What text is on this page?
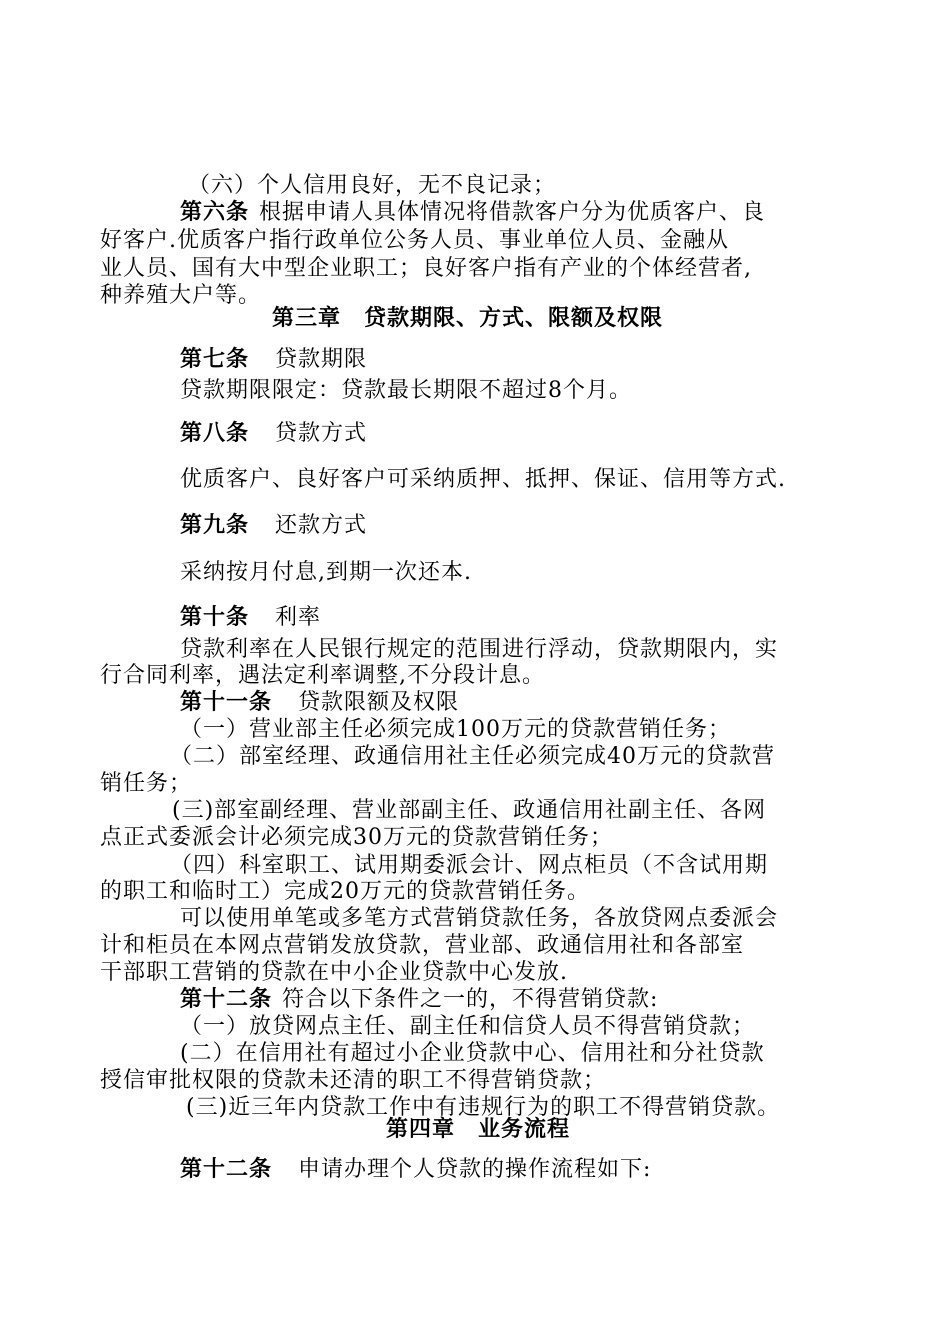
（六）个人信用良好，无不良记录；
第六条 根据申请人具体情况将借款客户分为优质客户、良
好客户.优质客户指行政单位公务人员、事业单位人员、金融从
业人员、国有大中型企业职工；良好客户指有产业的个体经营者,
种养殖大户等。
第三章　贷款期限、方式、限额及权限
第七条 贷款期限
贷款期限限定：贷款最长期限不超过8个月。
第八条 贷款方式
优质客户、良好客户可采纳质押、抵押、保证、信用等方式.
第九条 还款方式
采纳按月付息,到期一次还本.
第十条 利率
贷款利率在人民银行规定的范围进行浮动，贷款期限内，实
行合同利率，遇法定利率调整,不分段计息。
第十一条 贷款限额及权限
（一）营业部主任必须完成100万元的贷款营销任务；
（二）部室经理、政通信用社主任必须完成40万元的贷款营
销任务；
(三)部室副经理、营业部副主任、政通信用社副主任、各网
点正式委派会计必须完成30万元的贷款营销任务；
（四）科室职工、试用期委派会计、网点柜员（不含试用期
的职工和临时工）完成20万元的贷款营销任务。
可以使用单笔或多笔方式营销贷款任务，各放贷网点委派会
计和柜员在本网点营销发放贷款，营业部、政通信用社和各部室
干部职工营销的贷款在中小企业贷款中心发放.
第十二条 符合以下条件之一的，不得营销贷款:
（一）放贷网点主任、副主任和信贷人员不得营销贷款；
(二）在信用社有超过小企业贷款中心、信用社和分社贷款
授信审批权限的贷款未还清的职工不得营销贷款；
(三)近三年内贷款工作中有违规行为的职工不得营销贷款。
第四章　业务流程
第十二条 申请办理个人贷款的操作流程如下:
